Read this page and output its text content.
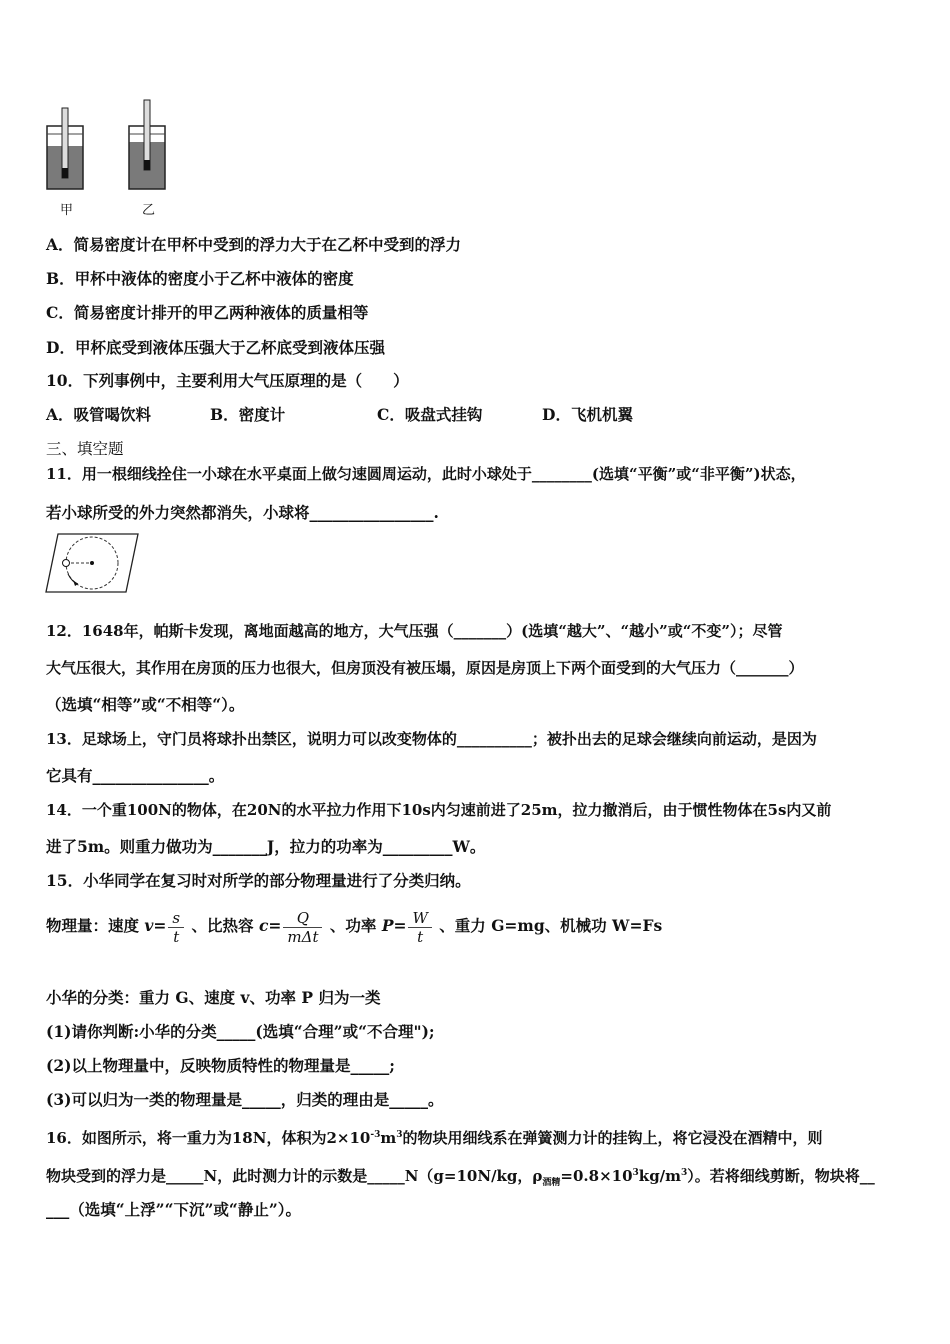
甲	乙
A．简易密度计在甲杯中受到的浮力大于在乙杯中受到的浮力
B．甲杯中液体的密度小于乙杯中液体的密度
C．简易密度计排开的甲乙两种液体的质量相等
D．甲杯底受到液体压强大于乙杯底受到液体压强
10．下列事例中，主要利用大气压原理的是（　　）
A．吸管喝饮料	B．密度计	C．吸盘式挂钩	D．飞机机翼
三、填空题
11．用一根细线拴住一小球在水平桌面上做匀速圆周运动，此时小球处于________(选填“平衡”或“非平衡”)状态，
若小球所受的外力突然都消失，小球将________________.
12．1648年，帕斯卡发现，离地面越高的地方，大气压强（_______）(选填“越大”、“越小”或“不变”）；尽管
大气压很大，其作用在房顶的压力也很大，但房顶没有被压塌，原因是房顶上下两个面受到的大气压力（_______）
（选填“相等”或“不相等“）。
13．足球场上，守门员将球扑出禁区，说明力可以改变物体的__________；被扑出去的足球会继续向前运动，是因为
它具有_______________。
14．一个重100N的物体，在20N的水平拉力作用下10s内匀速前进了25m，拉力撤消后，由于惯性物体在5s内又前
进了5m。则重力做功为_______J，拉力的功率为_________W。
15．小华同学在复习时对所学的部分物理量进行了分类归纳。
物理量：速度 $v= \frac{s}{t}$ 、比热容 $c= \frac{Q}{\text{mΔt}}$ 、功率 $P= \frac{W}{t}$ 、重力 G=mg、机械功 W=Fs
小华的分类：重力 G、速度 v、功率 P 归为一类
(1)请你判断:小华的分类_____(选填“合理”或“不合理");
(2)以上物理量中，反映物质特性的物理量是_____;
(3)可以归为一类的物理量是_____，归类的理由是_____。
16．如图所示，将一重力为18N，体积为$2\times 10^{-3}m^3$的物块用细线系在弹簧测力计的挂钩上，将它浸没在酒精中，则
物块受到的浮力是_____N，此时测力计的示数是_____N（g=10N/kg，$\rho_{酒精}=0.8\times 10^3kg/m^3$）。若将细线剪断，物块将__
___（选填“上浮”“下沉”或“静止”）。
